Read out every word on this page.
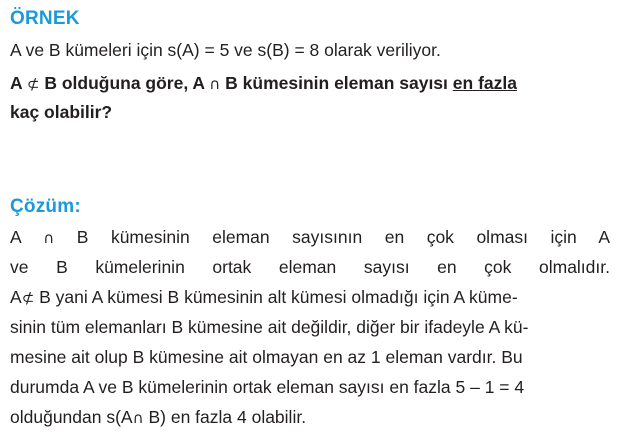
ÖRNEK
A ve B kümeleri için s(A) = 5 ve s(B) = 8 olarak veriliyor.
A ⊄ B olduğuna göre, A ∩ B kümesinin eleman sayısı en fazla
kaç olabilir?
Çözüm:
A ∩ B kümesinin eleman sayısının en çok olması için A
ve B kümelerinin ortak eleman sayısı en çok olmalıdır.
A⊄ B yani A kümesi B kümesinin alt kümesi olmadığı için A küme-
sinin tüm elemanları B kümesine ait değildir, diğer bir ifadeyle A kü-
mesine ait olup B kümesine ait olmayan en az 1 eleman vardır. Bu
durumda A ve B kümelerinin ortak eleman sayısı en fazla 5 – 1 = 4
olduğundan s(A∩ B) en fazla 4 olabilir.
